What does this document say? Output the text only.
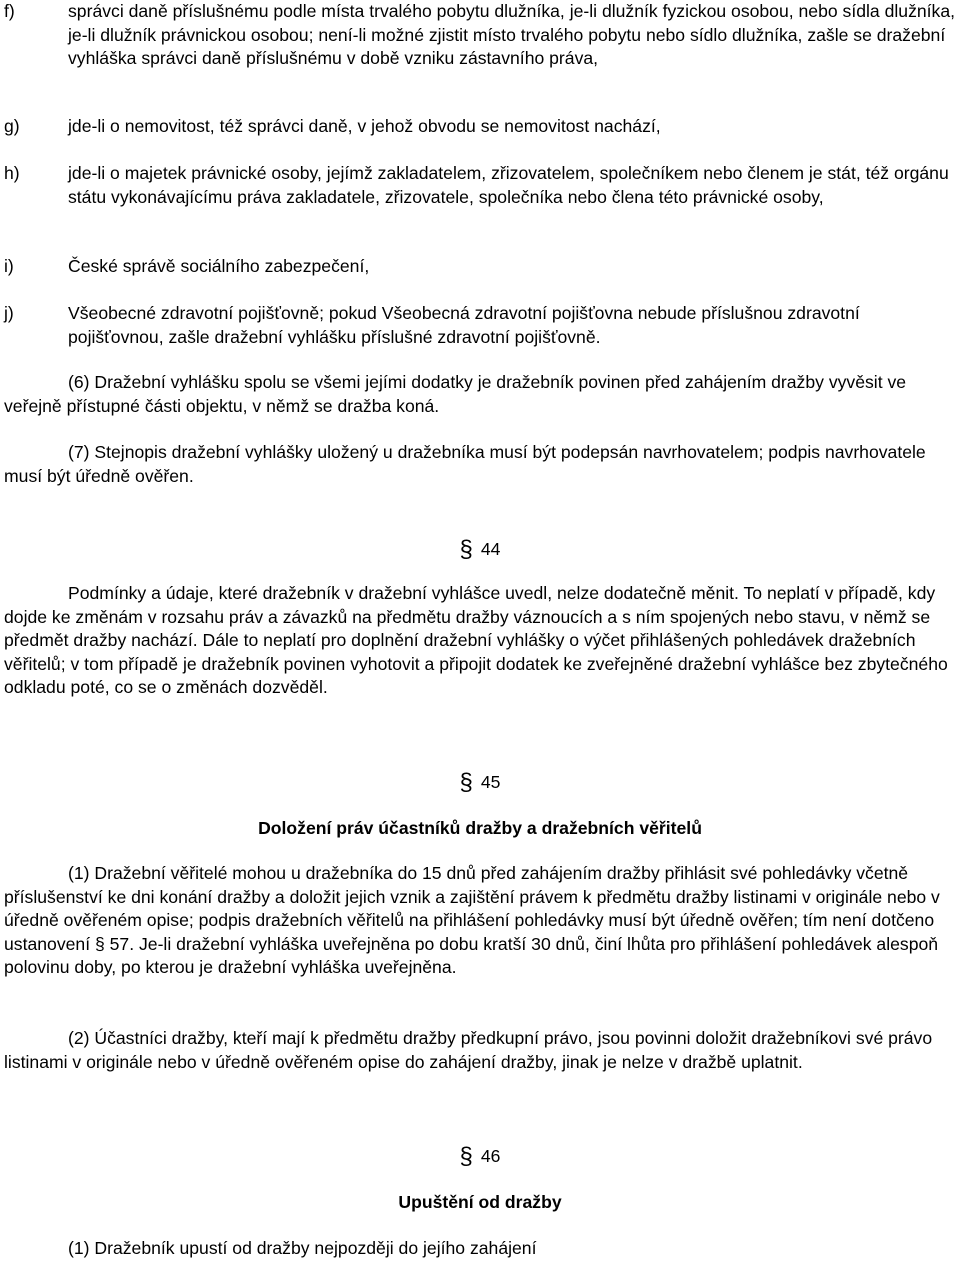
f)	správci daně příslušnému podle místa trvalého pobytu dlužníka, je-li dlužník fyzickou osobou, nebo sídla dlužníka, je-li dlužník právnickou osobou; není-li možné zjistit místo trvalého pobytu nebo sídlo dlužníka, zašle se dražební vyhláška správci daně příslušnému v době vzniku zástavního práva,
g)	jde-li o nemovitost, též správci daně, v jehož obvodu se nemovitost nachází,
h)	jde-li o majetek právnické osoby, jejímž zakladatelem, zřizovatelem, společníkem nebo členem je stát, též orgánu státu vykonávajícímu práva zakladatele, zřizovatele, společníka nebo člena této právnické osoby,
i)	České správě sociálního zabezpečení,
j)	Všeobecné zdravotní pojišťovně; pokud Všeobecná zdravotní pojišťovna nebude příslušnou zdravotní pojišťovnou, zašle dražební vyhlášku příslušné zdravotní pojišťovně.
(6) Dražební vyhlášku spolu se všemi jejími dodatky je dražebník povinen před zahájením dražby vyvěsit ve veřejně přístupné části objektu, v němž se dražba koná.
(7) Stejnopis dražební vyhlášky uložený u dražebníka musí být podepsán navrhovatelem; podpis navrhovatele musí být úředně ověřen.
§ 44
Podmínky a údaje, které dražebník v dražební vyhlášce uvedl, nelze dodatečně měnit. To neplatí v případě, kdy dojde ke změnám v rozsahu práv a závazků na předmětu dražby váznoucích a s ním spojených nebo stavu, v němž se předmět dražby nachází. Dále to neplatí pro doplnění dražební vyhlášky o výčet přihlášených pohledávek dražebních věřitelů; v tom případě je dražebník povinen vyhotovit a připojit dodatek ke zveřejněné dražební vyhlášce bez zbytečného odkladu poté, co se o změnách dozvěděl.
§ 45
Doložení práv účastníků dražby a dražebních věřitelů
(1) Dražební věřitelé mohou u dražebníka do 15 dnů před zahájením dražby přihlásit své pohledávky včetně příslušenství ke dni konání dražby a doložit jejich vznik a zajištění právem k předmětu dražby listinami v originále nebo v úředně ověřeném opise; podpis dražebních věřitelů na přihlášení pohledávky musí být úředně ověřen; tím není dotčeno ustanovení § 57. Je-li dražební vyhláška uveřejněna po dobu kratší 30 dnů, činí lhůta pro přihlášení pohledávek alespoň polovinu doby, po kterou je dražební vyhláška uveřejněna.
(2) Účastníci dražby, kteří mají k předmětu dražby předkupní právo, jsou povinni doložit dražebníkovi své právo listinami v originále nebo v úředně ověřeném opise do zahájení dražby, jinak je nelze v dražbě uplatnit.
§ 46
Upuštění od dražby
(1) Dražebník upustí od dražby nejpozději do jejího zahájení
